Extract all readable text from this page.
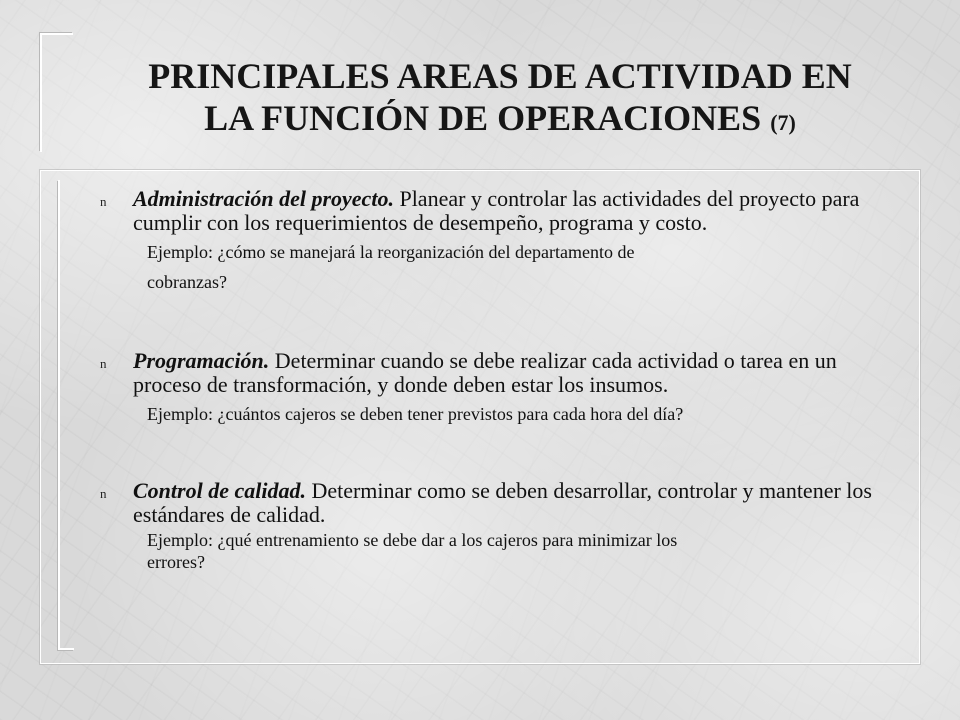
PRINCIPALES AREAS DE ACTIVIDAD EN
LA FUNCIÓN DE OPERACIONES (7)
n Administración del proyecto. Planear y controlar las actividades del proyecto para cumplir con los requerimientos de desempeño, programa y costo.
Ejemplo: ¿cómo se manejará la reorganización del departamento de
cobranzas?
n Programación. Determinar cuando se debe realizar cada actividad o tarea en un proceso de transformación, y donde deben estar los insumos.
Ejemplo: ¿cuántos cajeros se deben tener previstos para cada hora del día?
n Control de calidad. Determinar como se deben desarrollar, controlar y mantener los estándares de calidad.
Ejemplo: ¿qué entrenamiento se debe dar a los cajeros para minimizar los
errores?
